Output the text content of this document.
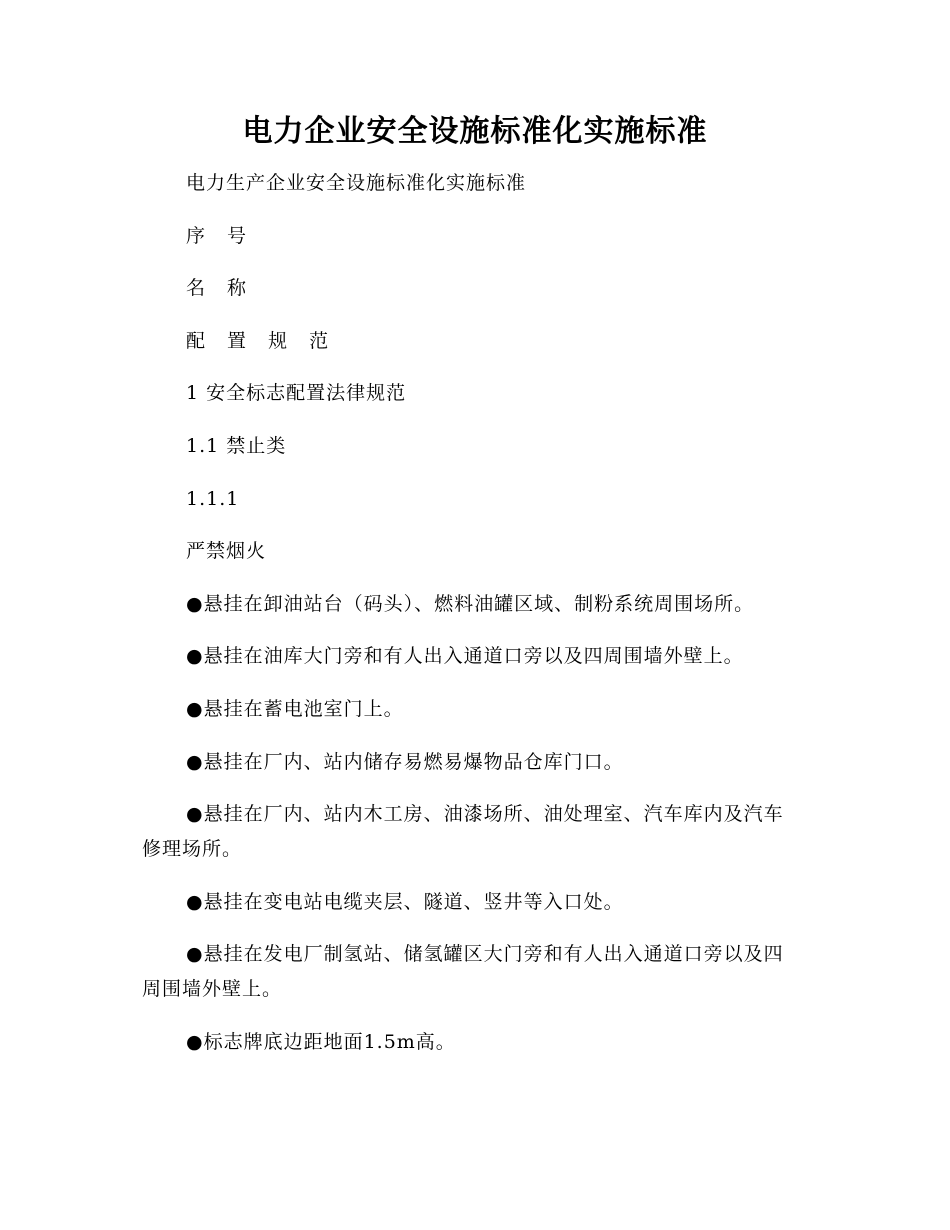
电力企业安全设施标准化实施标准

电力生产企业安全设施标准化实施标准

序 号

名 称

配 置 规 范

1 安全标志配置法律规范

1.1 禁止类

1.1.1

严禁烟火

●悬挂在卸油站台（码头）、燃料油罐区域、制粉系统周围场所。

●悬挂在油库大门旁和有人出入通道口旁以及四周围墙外壁上。

●悬挂在蓄电池室门上。

●悬挂在厂内、站内储存易燃易爆物品仓库门口。

●悬挂在厂内、站内木工房、油漆场所、油处理室、汽车库内及汽车修理场所。

●悬挂在变电站电缆夹层、隧道、竖井等入口处。

●悬挂在发电厂制氢站、储氢罐区大门旁和有人出入通道口旁以及四周围墙外壁上。

●标志牌底边距地面1.5m高。
